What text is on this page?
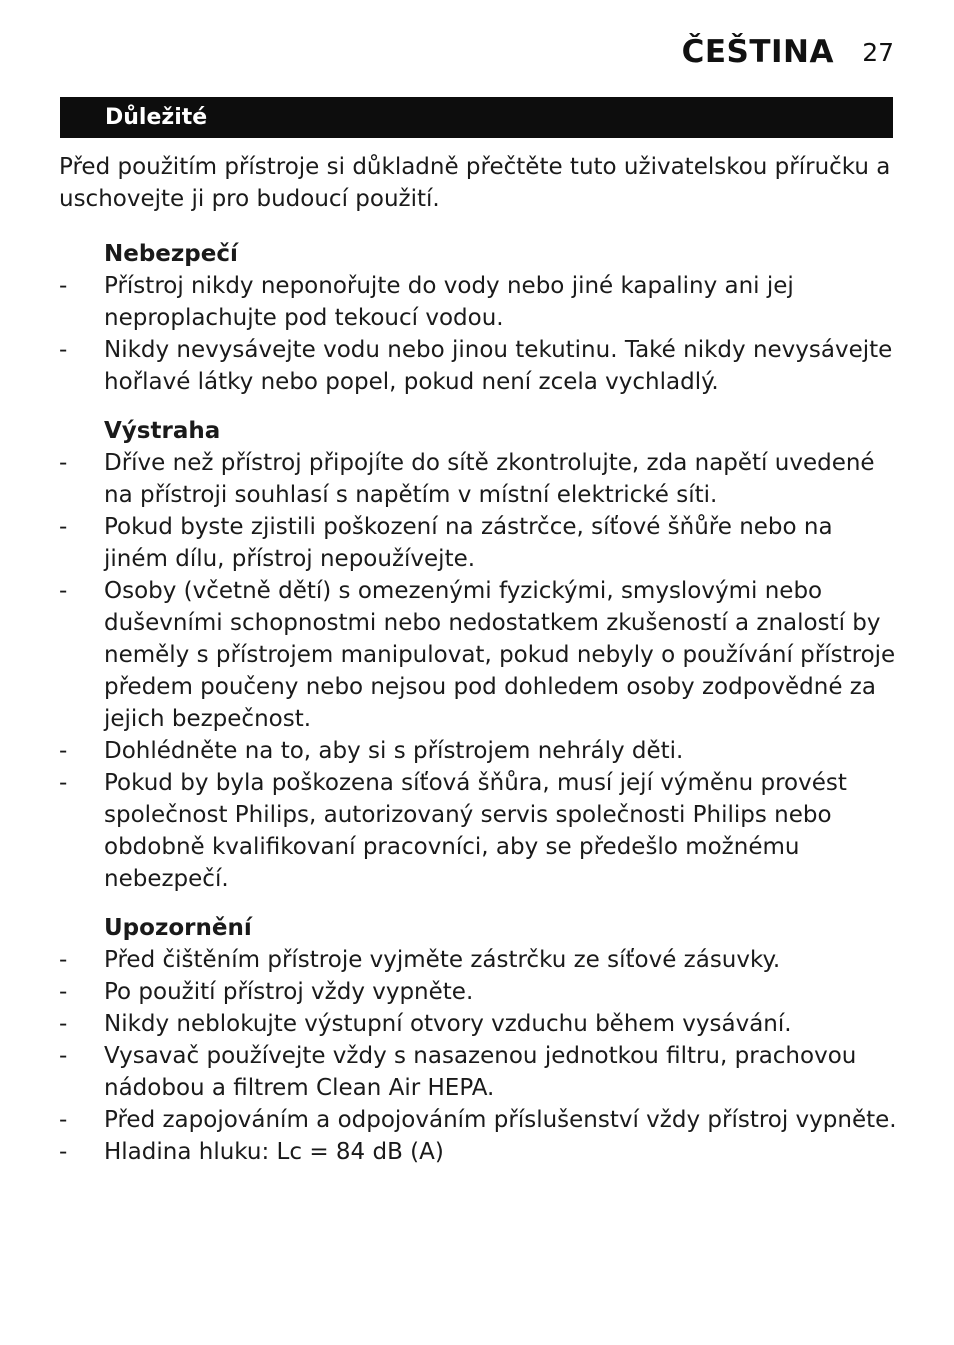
ČEŠTINA 27
Důležité

Před použitím přístroje si důkladně přečtěte tuto uživatelskou příručku a uschovejte ji pro budoucí použití.

Nebezpečí
-	Přístroj nikdy neponořujte do vody nebo jiné kapaliny ani jej neproplachujte pod tekoucí vodou.
-	Nikdy nevysávejte vodu nebo jinou tekutinu. Také nikdy nevysávejte hořlavé látky nebo popel, pokud není zcela vychladlý.
Výstraha
-	Dříve než přístroj připojíte do sítě zkontrolujte, zda napětí uvedené na přístroji souhlasí s napětím v místní elektrické síti.
-	Pokud byste zjistili poškození na zástrčce, síťové šňůře nebo na jiném dílu, přístroj nepoužívejte.
-	Osoby (včetně dětí) s omezenými fyzickými, smyslovými nebo duševními schopnostmi nebo nedostatkem zkušeností a znalostí by neměly s přístrojem manipulovat, pokud nebyly o používání přístroje předem poučeny nebo nejsou pod dohledem osoby zodpovědné za jejich bezpečnost.
-	Dohlédněte na to, aby si s přístrojem nehrály děti.
-	Pokud by byla poškozena síťová šňůra, musí její výměnu provést společnost Philips, autorizovaný servis společnosti Philips nebo obdobně kvalifikovaní pracovníci, aby se předešlo možnému nebezpečí.
Upozornění
-	Před čištěním přístroje vyjměte zástrčku ze síťové zásuvky.
-	Po použití přístroj vždy vypněte.
-	Nikdy neblokujte výstupní otvory vzduchu během vysávání.
-	Vysavač používejte vždy s nasazenou jednotkou filtru, prachovou nádobou a filtrem Clean Air HEPA.
-	Před zapojováním a odpojováním příslušenství vždy přístroj vypněte.
-	Hladina hluku: Lc = 84 dB (A)
